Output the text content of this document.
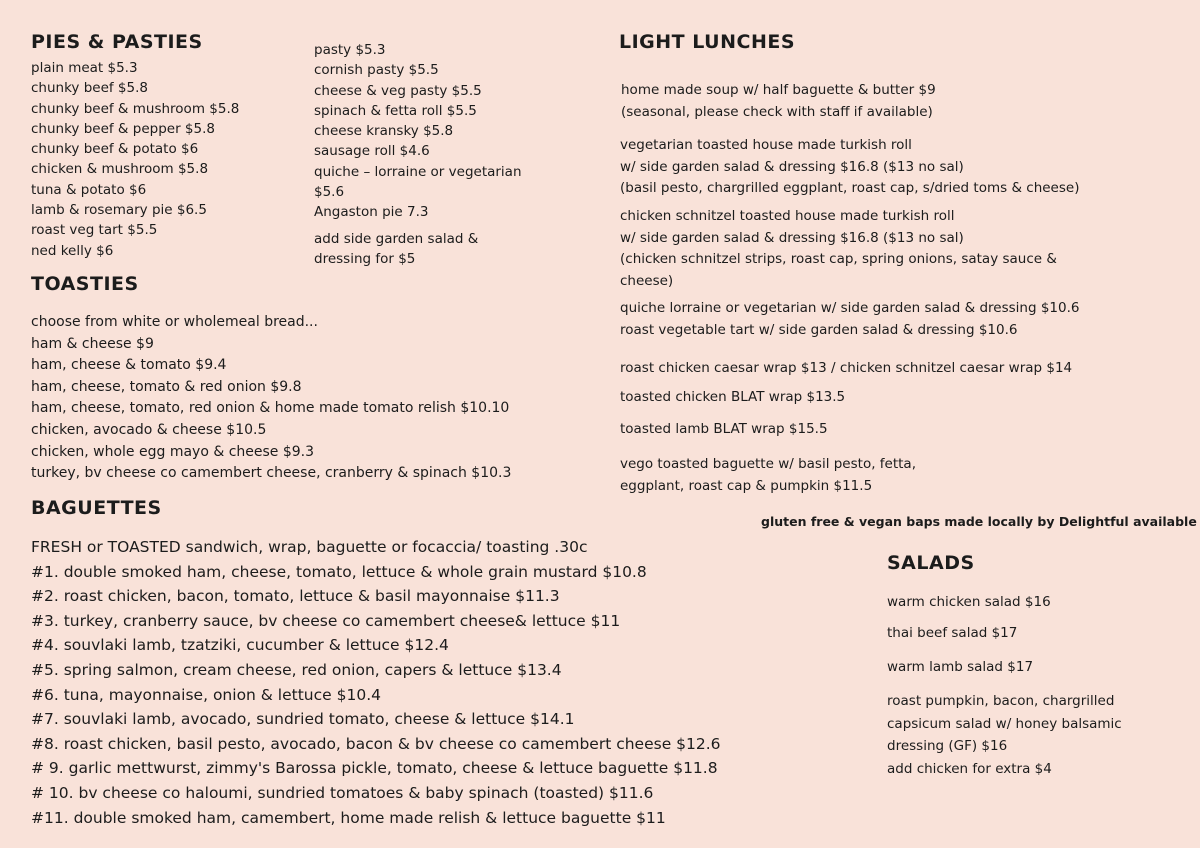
PIES & PASTIES
plain meat $5.3
chunky beef $5.8
chunky beef & mushroom $5.8
chunky beef & pepper $5.8
chunky beef & potato $6
chicken & mushroom $5.8
tuna & potato $6
lamb & rosemary pie $6.5
roast veg tart $5.5
ned kelly $6
pasty $5.3
cornish pasty $5.5
cheese & veg pasty $5.5
spinach & fetta roll $5.5
cheese kransky $5.8
sausage roll $4.6
quiche – lorraine or vegetarian
$5.6
Angaston pie 7.3
add side garden salad &
dressing for $5
TOASTIES
choose from white or wholemeal bread...
ham & cheese $9
ham, cheese & tomato $9.4
ham, cheese, tomato & red onion $9.8
ham, cheese, tomato, red onion & home made tomato relish $10.10
chicken, avocado & cheese $10.5
chicken, whole egg mayo & cheese $9.3
turkey, bv cheese co camembert cheese, cranberry & spinach $10.3
BAGUETTES
FRESH or TOASTED sandwich, wrap, baguette or focaccia/ toasting .30c
#1. double smoked ham, cheese, tomato, lettuce & whole grain mustard $10.8
#2. roast chicken, bacon, tomato, lettuce & basil mayonnaise $11.3
#3. turkey, cranberry sauce, bv cheese co camembert cheese& lettuce $11
#4. souvlaki lamb, tzatziki, cucumber & lettuce $12.4
#5. spring salmon, cream cheese, red onion, capers & lettuce $13.4
#6. tuna, mayonnaise, onion & lettuce $10.4
#7. souvlaki lamb, avocado, sundried tomato, cheese & lettuce $14.1
#8. roast chicken, basil pesto, avocado, bacon & bv cheese co camembert cheese $12.6
# 9. garlic mettwurst, zimmy's Barossa pickle, tomato, cheese & lettuce baguette $11.8
# 10. bv cheese co haloumi, sundried tomatoes & baby spinach (toasted) $11.6
#11. double smoked ham, camembert, home made relish & lettuce baguette $11
LIGHT LUNCHES
home made soup w/ half baguette & butter $9
(seasonal, please check with staff if available)
vegetarian toasted house made turkish roll
w/ side garden salad & dressing $16.8 ($13 no sal)
(basil pesto, chargrilled eggplant, roast cap, s/dried toms & cheese)
chicken schnitzel toasted house made turkish roll
w/ side garden salad & dressing $16.8 ($13 no sal)
(chicken schnitzel strips, roast cap, spring onions, satay sauce &
cheese)
quiche lorraine or vegetarian w/ side garden salad & dressing $10.6
roast vegetable tart w/ side garden salad & dressing $10.6
roast chicken caesar wrap $13 / chicken schnitzel caesar wrap $14
toasted chicken BLAT wrap $13.5
toasted lamb BLAT wrap $15.5
vego toasted baguette w/ basil pesto, fetta,
eggplant, roast cap & pumpkin $11.5
gluten free & vegan baps made locally by Delightful available
SALADS
warm chicken salad $16
thai beef salad $17
warm lamb salad $17
roast pumpkin, bacon, chargrilled
capsicum salad w/ honey balsamic
dressing (GF) $16
add chicken for extra $4
